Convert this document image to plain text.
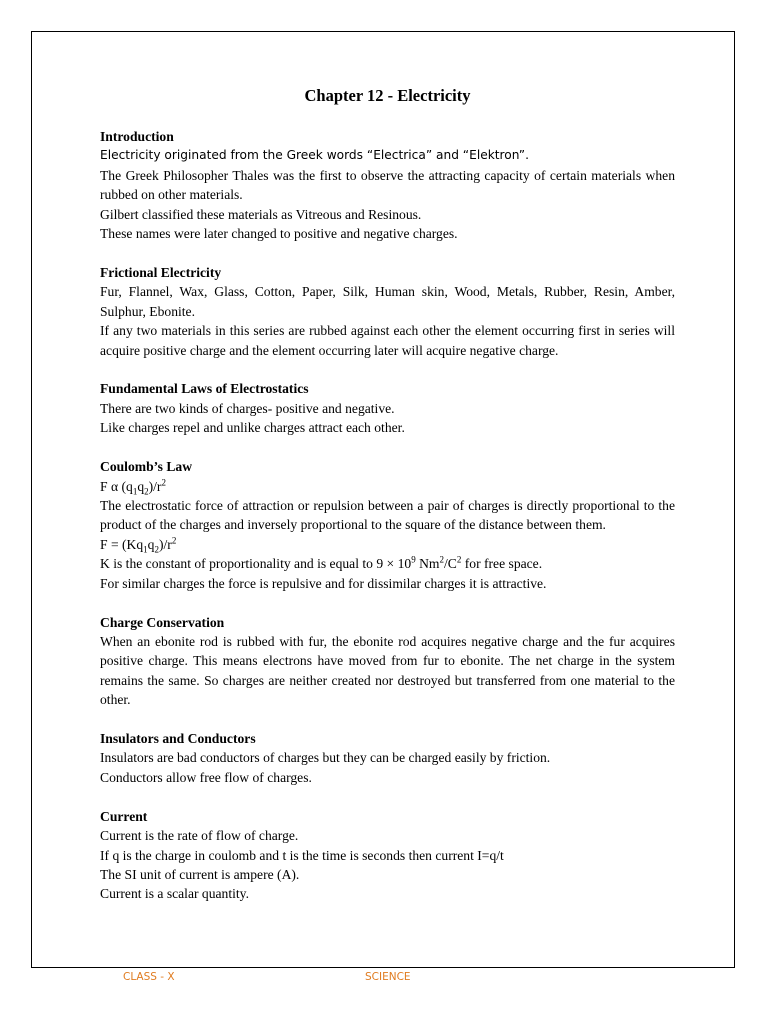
Chapter 12 - Electricity
Introduction
Electricity originated from the Greek words “Electrica” and “Elektron”.
The Greek Philosopher Thales was the first to observe the attracting capacity of certain materials when rubbed on other materials.
Gilbert classified these materials as Vitreous and Resinous.
These names were later changed to positive and negative charges.
Frictional Electricity
Fur, Flannel, Wax, Glass, Cotton, Paper, Silk, Human skin, Wood, Metals, Rubber, Resin, Amber, Sulphur, Ebonite.
If any two materials in this series are rubbed against each other the element occurring first in series will acquire positive charge and the element occurring later will acquire negative charge.
Fundamental Laws of Electrostatics
There are two kinds of charges- positive and negative.
Like charges repel and unlike charges attract each other.
Coulomb’s Law
F α $(q_1q_2)/r^2$
The electrostatic force of attraction or repulsion between a pair of charges is directly proportional to the product of the charges and inversely proportional to the square of the distance between them.
$F = (Kq_1q_2)/r^2$
K is the constant of proportionality and is equal to $9 \times 10^9$ $Nm^2/C^2$ for free space.
For similar charges the force is repulsive and for dissimilar charges it is attractive.
Charge Conservation
When an ebonite rod is rubbed with fur, the ebonite rod acquires negative charge and the fur acquires positive charge. This means electrons have moved from fur to ebonite. The net charge in the system remains the same. So charges are neither created nor destroyed but transferred from one material to the other.
Insulators and Conductors
Insulators are bad conductors of charges but they can be charged easily by friction.
Conductors allow free flow of charges.
Current
Current is the rate of flow of charge.
If q is the charge in coulomb and t is the time is seconds then current I=q/t
The SI unit of current is ampere (A).
Current is a scalar quantity.
CLASS - X	SCIENCE
